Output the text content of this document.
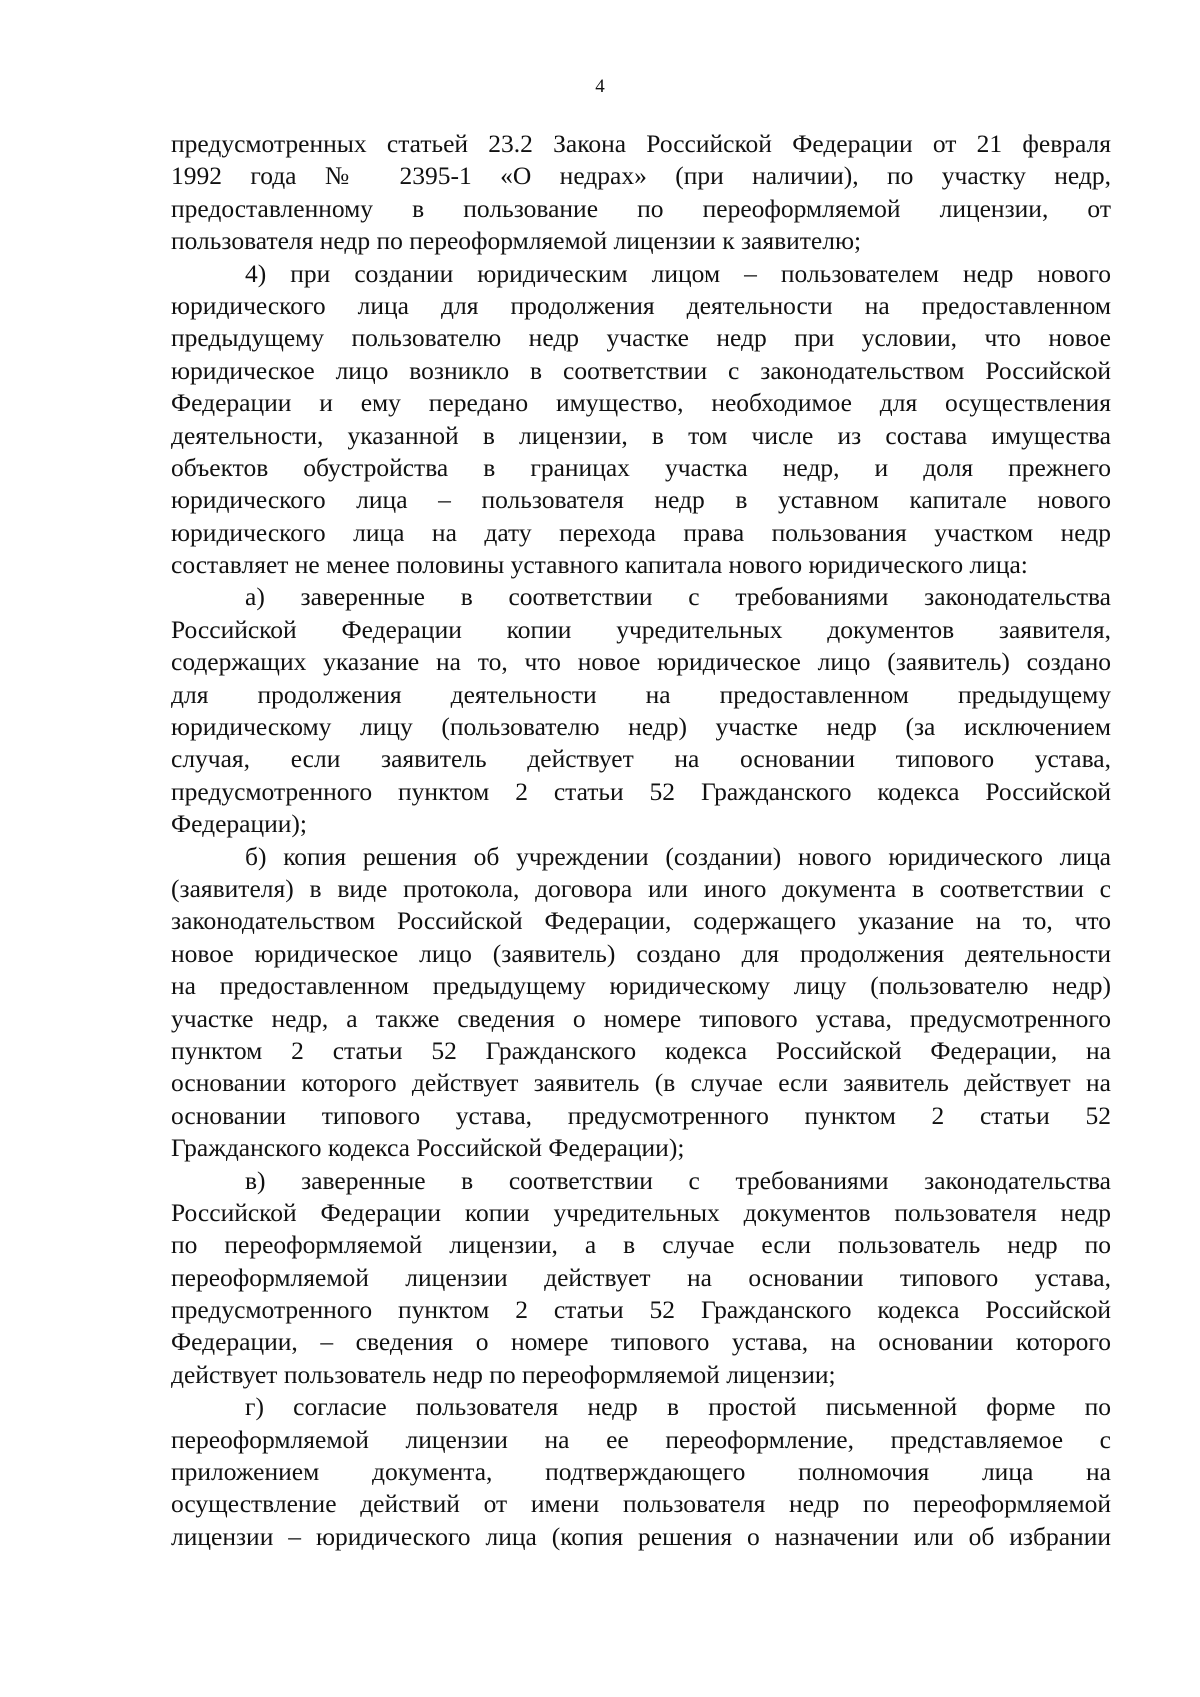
4
предусмотренных статьей 23.2 Закона Российской Федерации от 21 февраля
1992 года № 2395-1 «О недрах» (при наличии), по участку недр,
предоставленному в пользование по переоформляемой лицензии, от
пользователя недр по переоформляемой лицензии к заявителю;
4) при создании юридическим лицом – пользователем недр нового
юридического лица для продолжения деятельности на предоставленном
предыдущему пользователю недр участке недр при условии, что новое
юридическое лицо возникло в соответствии с законодательством Российской
Федерации и ему передано имущество, необходимое для осуществления
деятельности, указанной в лицензии, в том числе из состава имущества
объектов обустройства в границах участка недр, и доля прежнего
юридического лица – пользователя недр в уставном капитале нового
юридического лица на дату перехода права пользования участком недр
составляет не менее половины уставного капитала нового юридического лица:
а) заверенные в соответствии с требованиями законодательства
Российской Федерации копии учредительных документов заявителя,
содержащих указание на то, что новое юридическое лицо (заявитель) создано
для продолжения деятельности на предоставленном предыдущему
юридическому лицу (пользователю недр) участке недр (за исключением
случая, если заявитель действует на основании типового устава,
предусмотренного пунктом 2 статьи 52 Гражданского кодекса Российской
Федерации);
б) копия решения об учреждении (создании) нового юридического лица
(заявителя) в виде протокола, договора или иного документа в соответствии с
законодательством Российской Федерации, содержащего указание на то, что
новое юридическое лицо (заявитель) создано для продолжения деятельности
на предоставленном предыдущему юридическому лицу (пользователю недр)
участке недр, а также сведения о номере типового устава, предусмотренного
пунктом 2 статьи 52 Гражданского кодекса Российской Федерации, на
основании которого действует заявитель (в случае если заявитель действует на
основании типового устава, предусмотренного пунктом 2 статьи 52
Гражданского кодекса Российской Федерации);
в) заверенные в соответствии с требованиями законодательства
Российской Федерации копии учредительных документов пользователя недр
по переоформляемой лицензии, а в случае если пользователь недр по
переоформляемой лицензии действует на основании типового устава,
предусмотренного пунктом 2 статьи 52 Гражданского кодекса Российской
Федерации, – сведения о номере типового устава, на основании которого
действует пользователь недр по переоформляемой лицензии;
г) согласие пользователя недр в простой письменной форме по
переоформляемой лицензии на ее переоформление, представляемое с
приложением документа, подтверждающего полномочия лица на
осуществление действий от имени пользователя недр по переоформляемой
лицензии – юридического лица (копия решения о назначении или об избрании
